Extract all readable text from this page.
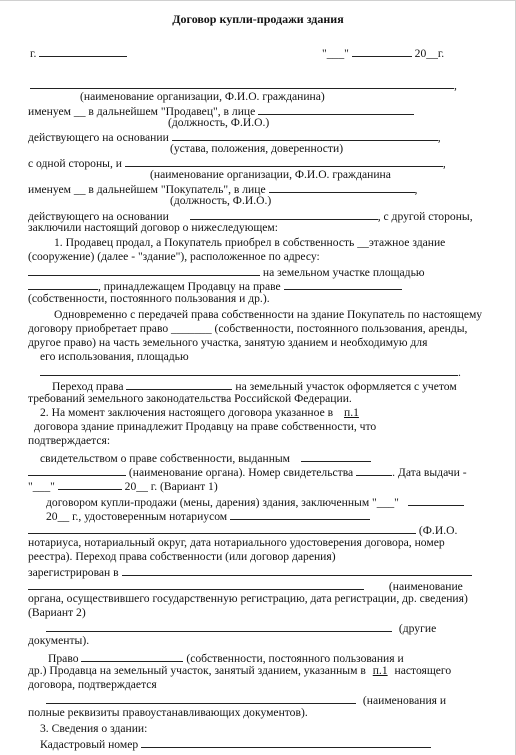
Договор купли-продажи здания
г.	"___"	20__г.
,
(наименование организации, Ф.И.О. гражданина)
именуем __ в дальнейшем "Продавец", в лице
(должность, Ф.И.О.)
действующего на основании	,
(устава, положения, доверенности)
с одной стороны, и	,
(наименование организации, Ф.И.О. гражданина
именуем __ в дальнейшем "Покупатель", в лице	,
(должность, Ф.И.О.)
действующего на основании	, с другой стороны,
заключили настоящий договор о нижеследующем:
1. Продавец продал, а Покупатель приобрел в собственность __этажное здание
(сооружение) (далее - "здание"), расположенное по адресу:
на земельном участке площадью
, принадлежащем Продавцу на праве
(собственности, постоянного пользования и др.).
Одновременно с передачей права собственности на здание Покупатель по настоящему
договору приобретает право _______ (собственности, постоянного пользования, аренды,
другое право) на часть земельного участка, занятую зданием и необходимую для
его использования, площадью
.
Переход права	на земельный участок оформляется с учетом
требований земельного законодательства Российской Федерации.
2. На момент заключения настоящего договора указанное в п.1
договора здание принадлежит Продавцу на праве собственности, что
подтверждается:
свидетельством о праве собственности, выданным
(наименование органа). Номер свидетельства	. Дата выдачи -
"___"	20__ г. (Вариант 1)
договором купли-продажи (мены, дарения) здания, заключенным "___"
20__ г., удостоверенным нотариусом
(Ф.И.О.
нотариуса, нотариальный округ, дата нотариального удостоверения договора, номер
реестра). Переход права собственности (или договор дарения)
зарегистрирован в
(наименование
органа, осуществившего государственную регистрацию, дата регистрации, др. сведения)
(Вариант 2)
(другие
документы).
Право	(собственности, постоянного пользования и
др.) Продавца на земельный участок, занятый зданием, указанным в п.1 настоящего
договора, подтверждается
(наименования и
полные реквизиты правоустанавливающих документов).
3. Сведения о здании:
Кадастровый номер
